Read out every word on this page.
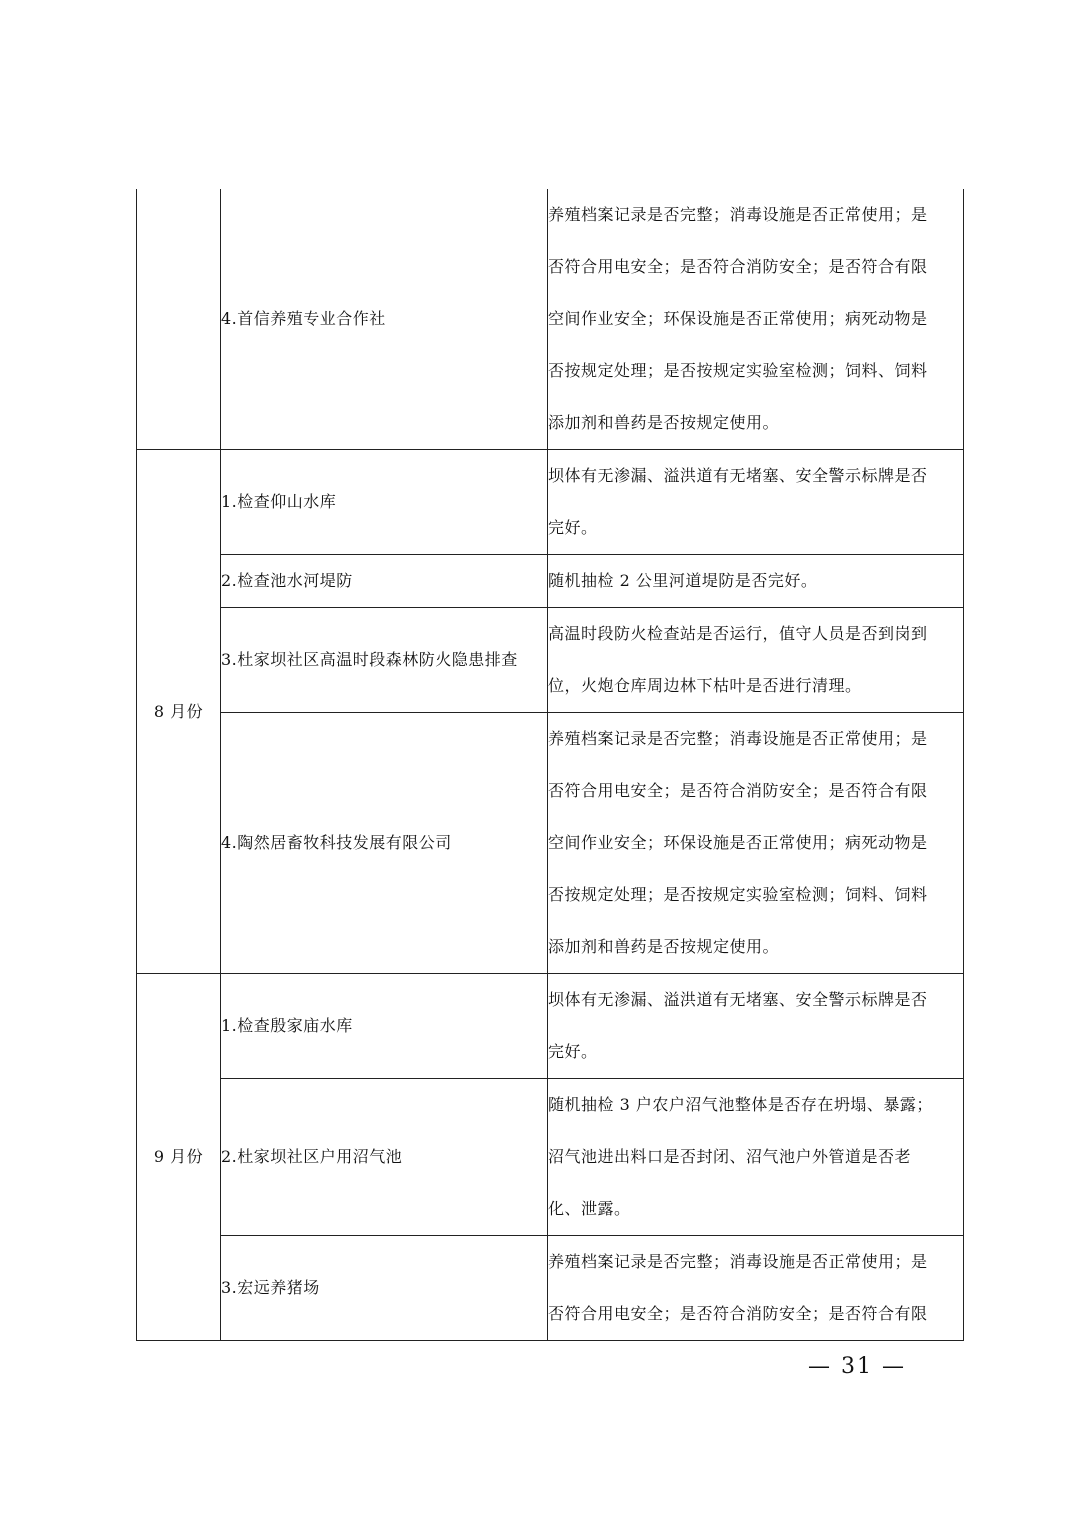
	4.首信养殖专业合作社	养殖档案记录是否完整；消毒设施是否正常使用；是
否符合用电安全；是否符合消防安全；是否符合有限
空间作业安全；环保设施是否正常使用；病死动物是
否按规定处理；是否按规定实验室检测；饲料、饲料
添加剂和兽药是否按规定使用。

8 月份	1.检查仰山水库	坝体有无渗漏、溢洪道有无堵塞、安全警示标牌是否
完好。

	2.检查池水河堤防	随机抽检 2 公里河道堤防是否完好。

	3.杜家坝社区高温时段森林防火隐患排查	高温时段防火检查站是否运行，值守人员是否到岗到
位，火炮仓库周边林下枯叶是否进行清理。

	4.陶然居畜牧科技发展有限公司	养殖档案记录是否完整；消毒设施是否正常使用；是
否符合用电安全；是否符合消防安全；是否符合有限
空间作业安全；环保设施是否正常使用；病死动物是
否按规定处理；是否按规定实验室检测；饲料、饲料
添加剂和兽药是否按规定使用。

9 月份	1.检查殷家庙水库	坝体有无渗漏、溢洪道有无堵塞、安全警示标牌是否
完好。

	2.杜家坝社区户用沼气池	随机抽检 3 户农户沼气池整体是否存在坍塌、暴露；
沼气池进出料口是否封闭、沼气池户外管道是否老
化、泄露。

	3.宏远养猪场	养殖档案记录是否完整；消毒设施是否正常使用；是
否符合用电安全；是否符合消防安全；是否符合有限
— 31 —
